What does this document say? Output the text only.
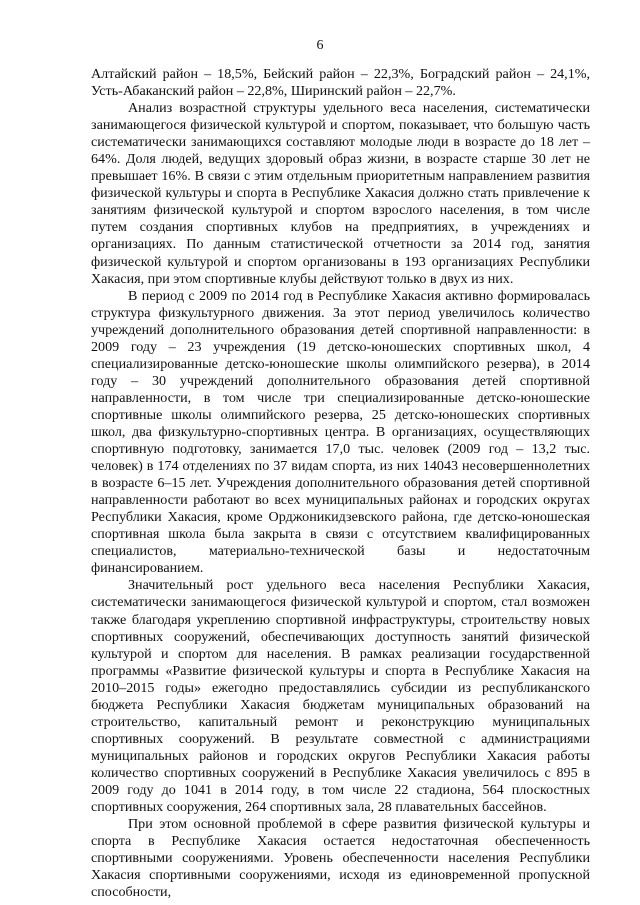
6

Алтайский район – 18,5%, Бейский район – 22,3%, Боградский район – 24,1%, Усть-Абаканский район – 22,8%, Ширинский район – 22,7%.

Анализ возрастной структуры удельного веса населения, систематически занимающегося физической культурой и спортом, показывает, что большую часть систематически занимающихся составляют молодые люди в возрасте до 18 лет – 64%. Доля людей, ведущих здоровый образ жизни, в возрасте старше 30 лет не превышает 16%. В связи с этим отдельным приоритетным направлением развития физической культуры и спорта в Республике Хакасия должно стать привлечение к занятиям физической культурой и спортом взрослого населения, в том числе путем создания спортивных клубов на предприятиях, в учреждениях и организациях. По данным статистической отчетности за 2014 год, занятия физической культурой и спортом организованы в 193 организациях Республики Хакасия, при этом спортивные клубы действуют только в двух из них.

В период с 2009 по 2014 год в Республике Хакасия активно формировалась структура физкультурного движения. За этот период увеличилось количество учреждений дополнительного образования детей спортивной направленности: в 2009 году – 23 учреждения (19 детско-юношеских спортивных школ, 4 специализированные детско-юношеские школы олимпийского резерва), в 2014 году – 30 учреждений дополнительного образования детей спортивной направленности, в том числе три специализированные детско-юношеские спортивные школы олимпийского резерва, 25 детско-юношеских спортивных школ, два физкультурно-спортивных центра. В организациях, осуществляющих спортивную подготовку, занимается 17,0 тыс. человек (2009 год – 13,2 тыс. человек) в 174 отделениях по 37 видам спорта, из них 14043 несовершеннолетних в возрасте 6–15 лет. Учреждения дополнительного образования детей спортивной направленности работают во всех муниципальных районах и городских округах Республики Хакасия, кроме Орджоникидзевского района, где детско-юношеская спортивная школа была закрыта в связи с отсутствием квалифицированных специалистов, материально-технической базы и недостаточным финансированием.

Значительный рост удельного веса населения Республики Хакасия, систематически занимающегося физической культурой и спортом, стал возможен также благодаря укреплению спортивной инфраструктуры, строительству новых спортивных сооружений, обеспечивающих доступность занятий физической культурой и спортом для населения. В рамках реализации государственной программы «Развитие физической культуры и спорта в Республике Хакасия на 2010–2015 годы» ежегодно предоставлялись субсидии из республиканского бюджета Республики Хакасия бюджетам муниципальных образований на строительство, капитальный ремонт и реконструкцию муниципальных спортивных сооружений. В результате совместной с администрациями муниципальных районов и городских округов Республики Хакасия работы количество спортивных сооружений в Республике Хакасия увеличилось с 895 в 2009 году до 1041 в 2014 году, в том числе 22 стадиона, 564 плоскостных спортивных сооружения, 264 спортивных зала, 28 плавательных бассейнов.

При этом основной проблемой в сфере развития физической культуры и спорта в Республике Хакасия остается недостаточная обеспеченность спортивными сооружениями. Уровень обеспеченности населения Республики Хакасия спортивными сооружениями, исходя из единовременной пропускной способности,
